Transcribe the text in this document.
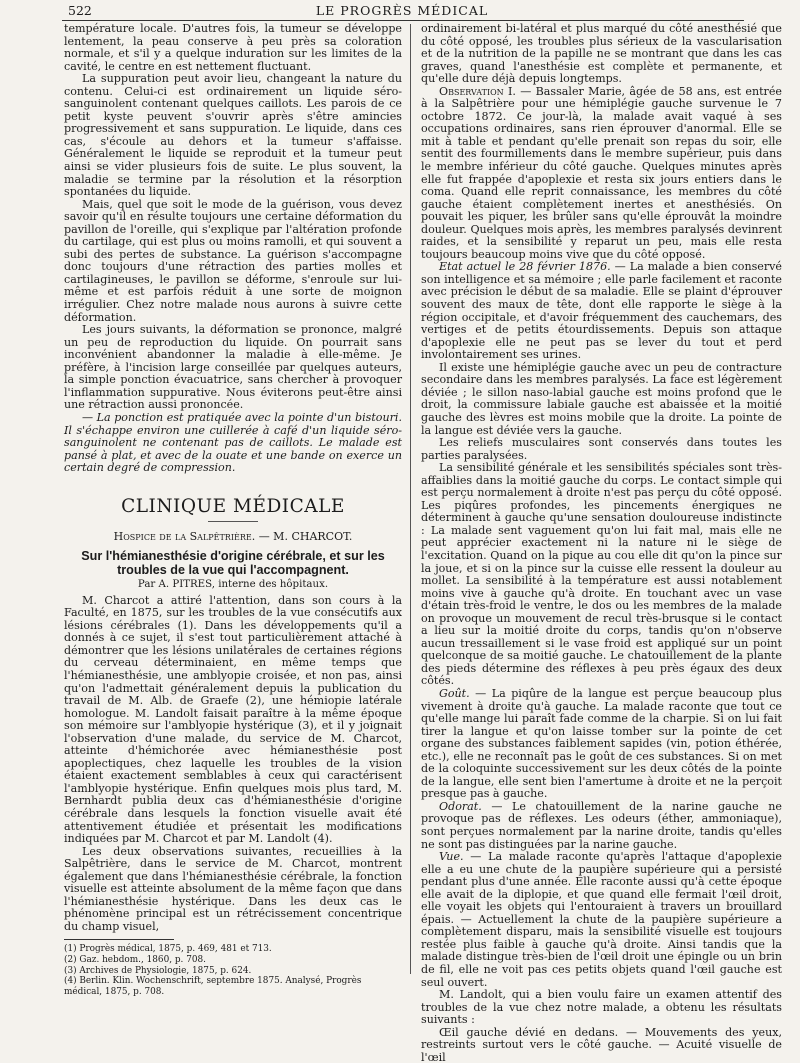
522	LE PROGRÈS MÉDICAL

température locale. D'autres fois, la tumeur se développe lentement, la peau conserve à peu près sa coloration normale, et s'il y a quelque induration sur les limites de la cavité, le centre en est nettement fluctuant.

La suppuration peut avoir lieu, changeant la nature du contenu. Celui-ci est ordinairement un liquide séro-sanguinolent contenant quelques caillots. Les parois de ce petit kyste peuvent s'ouvrir après s'être amincies progressivement et sans suppuration. Le liquide, dans ces cas, s'écoule au dehors et la tumeur s'affaisse. Généralement le liquide se reproduit et la tumeur peut ainsi se vider plusieurs fois de suite. Le plus souvent, la maladie se termine par la résolution et la résorption spontanées du liquide.

Mais, quel que soit le mode de la guérison, vous devez savoir qu'il en résulte toujours une certaine déformation du pavillon de l'oreille, qui s'explique par l'altération profonde du cartilage, qui est plus ou moins ramolli, et qui souvent a subi des pertes de substance. La guérison s'accompagne donc toujours d'une rétraction des parties molles et cartilagineuses, le pavillon se déforme, s'enroule sur lui-même et est parfois réduit à une sorte de moignon irrégulier. Chez notre malade nous aurons à suivre cette déformation.

Les jours suivants, la déformation se prononce, malgré un peu de reproduction du liquide. On pourrait sans inconvénient abandonner la maladie à elle-même. Je préfère, à l'incision large conseillée par quelques auteurs, la simple ponction évacuatrice, sans chercher à provoquer l'inflammation suppurative. Nous éviterons peut-être ainsi une rétraction aussi prononcée.

— La ponction est pratiquée avec la pointe d'un bistouri. Il s'échappe environ une cuillerée à café d'un liquide séro-sanguinolent ne contenant pas de caillots. Le malade est pansé à plat, et avec de la ouate et une bande on exerce un certain degré de compression.

CLINIQUE MÉDICALE
Hospice de la Salpêtrière. — M. CHARCOT.
Sur l'hémianesthésie d'origine cérébrale, et sur les troubles de la vue qui l'accompagnent.
Par A. PITRES, interne des hôpitaux.

M. Charcot a attiré l'attention, dans son cours à la Faculté, en 1875, sur les troubles de la vue consécutifs aux lésions cérébrales (1). Dans les développements qu'il a donnés à ce sujet, il s'est tout particulièrement attaché à démontrer que les lésions unilatérales de certaines régions du cerveau déterminaient, en même temps que l'hémianesthésie, une amblyopie croisée, et non pas, ainsi qu'on l'admettait généralement depuis la publication du travail de M. Alb. de Graefe (2), une hémiopie latérale homologue. M. Landolt faisait paraître à la même époque son mémoire sur l'amblyopie hystérique (3), et il y joignait l'observation d'une malade, du service de M. Charcot, atteinte d'hémichorée avec hémianesthésie post apoplectiques, chez laquelle les troubles de la vision étaient exactement semblables à ceux qui caractérisent l'amblyopie hystérique. Enfin quelques mois plus tard, M. Bernhardt publia deux cas d'hémianesthésie d'origine cérébrale dans lesquels la fonction visuelle avait été attentivement étudiée et présentait les modifications indiquées par M. Charcot et par M. Landolt (4).

Les deux observations suivantes, recueillies à la Salpêtrière, dans le service de M. Charcot, montrent également que dans l'hémianesthésie cérébrale, la fonction visuelle est atteinte absolument de la même façon que dans l'hémianesthésie hystérique. Dans les deux cas le phénomène principal est un rétrécissement concentrique du champ visuel,

(1) Progrès médical, 1875, p. 469, 481 et 713.

(2) Gaz. hebdom., 1860, p. 708.

(3) Archives de Physiologie, 1875, p. 624.

(4) Berlin. Klin. Wochenschrift, septembre 1875. Analysé, Progrès médical, 1875, p. 708.

ordinairement bi-latéral et plus marqué du côté anesthésié que du côté opposé, les troubles plus sérieux de la vascularisation et de la nutrition de la papille ne se montrant que dans les cas graves, quand l'anesthésie est complète et permanente, et qu'elle dure déjà depuis longtemps.

Observation I. — Bassaler Marie, âgée de 58 ans, est entrée à la Salpêtrière pour une hémiplégie gauche survenue le 7 octobre 1872. Ce jour-là, la malade avait vaqué à ses occupations ordinaires, sans rien éprouver d'anormal. Elle se mit à table et pendant qu'elle prenait son repas du soir, elle sentit des fourmillements dans le membre supérieur, puis dans le membre inférieur du côté gauche. Quelques minutes après elle fut frappée d'apoplexie et resta six jours entiers dans le coma. Quand elle reprit connaissance, les membres du côté gauche étaient complètement inertes et anesthésiés. On pouvait les piquer, les brûler sans qu'elle éprouvât la moindre douleur. Quelques mois après, les membres paralysés devinrent raides, et la sensibilité y reparut un peu, mais elle resta toujours beaucoup moins vive que du côté opposé.

Etat actuel le 28 février 1876. — La malade a bien conservé son intelligence et sa mémoire ; elle parle facilement et raconte avec précision le début de sa maladie. Elle se plaint d'éprouver souvent des maux de tête, dont elle rapporte le siège à la région occipitale, et d'avoir fréquemment des cauchemars, des vertiges et de petits étourdissements. Depuis son attaque d'apoplexie elle ne peut pas se lever du tout et perd involontairement ses urines.

Il existe une hémiplégie gauche avec un peu de contracture secondaire dans les membres paralysés. La face est légèrement déviée ; le sillon naso-labial gauche est moins profond que le droit, la commissure labiale gauche est abaissée et la moitié gauche des lèvres est moins mobile que la droite. La pointe de la langue est déviée vers la gauche.

Les reliefs musculaires sont conservés dans toutes les parties paralysées.

La sensibilité générale et les sensibilités spéciales sont très-affaiblies dans la moitié gauche du corps. Le contact simple qui est perçu normalement à droite n'est pas perçu du côté opposé. Les piqûres profondes, les pincements énergiques ne déterminent à gauche qu'une sensation douloureuse indistincte : La malade sent vaguement qu'on lui fait mal, mais elle ne peut apprécier exactement ni la nature ni le siège de l'excitation. Quand on la pique au cou elle dit qu'on la pince sur la joue, et si on la pince sur la cuisse elle ressent la douleur au mollet. La sensibilité à la température est aussi notablement moins vive à gauche qu'à droite. En touchant avec un vase d'étain très-froid le ventre, le dos ou les membres de la malade on provoque un mouvement de recul très-brusque si le contact a lieu sur la moitié droite du corps, tandis qu'on n'observe aucun tressaillement si le vase froid est appliqué sur un point quelconque de sa moitié gauche. Le chatouillement de la plante des pieds détermine des réflexes à peu près égaux des deux côtés.

Goût. — La piqûre de la langue est perçue beaucoup plus vivement à droite qu'à gauche. La malade raconte que tout ce qu'elle mange lui paraît fade comme de la charpie. Si on lui fait tirer la langue et qu'on laisse tomber sur la pointe de cet organe des substances faiblement sapides (vin, potion éthérée, etc.), elle ne reconnaît pas le goût de ces substances. Si on met de la coloquinte successivement sur les deux côtés de la pointe de la langue, elle sent bien l'amertume à droite et ne la perçoit presque pas à gauche.

Odorat. — Le chatouillement de la narine gauche ne provoque pas de réflexes. Les odeurs (éther, ammoniaque), sont perçues normalement par la narine droite, tandis qu'elles ne sont pas distinguées par la narine gauche.

Vue. — La malade raconte qu'après l'attaque d'apoplexie elle a eu une chute de la paupière supérieure qui a persisté pendant plus d'une année. Elle raconte aussi qu'à cette époque elle avait de la diplopie, et que quand elle fermait l'œil droit, elle voyait les objets qui l'entouraient à travers un brouillard épais. — Actuellement la chute de la paupière supérieure a complètement disparu, mais la sensibilité visuelle est toujours restée plus faible à gauche qu'à droite. Ainsi tandis que la malade distingue très-bien de l'œil droit une épingle ou un brin de fil, elle ne voit pas ces petits objets quand l'œil gauche est seul ouvert.

M. Landolt, qui a bien voulu faire un examen attentif des troubles de la vue chez notre malade, a obtenu les résultats suivants :

Œil gauche dévié en dedans. — Mouvements des yeux, restreints surtout vers le côté gauche. — Acuité visuelle de l'œil
